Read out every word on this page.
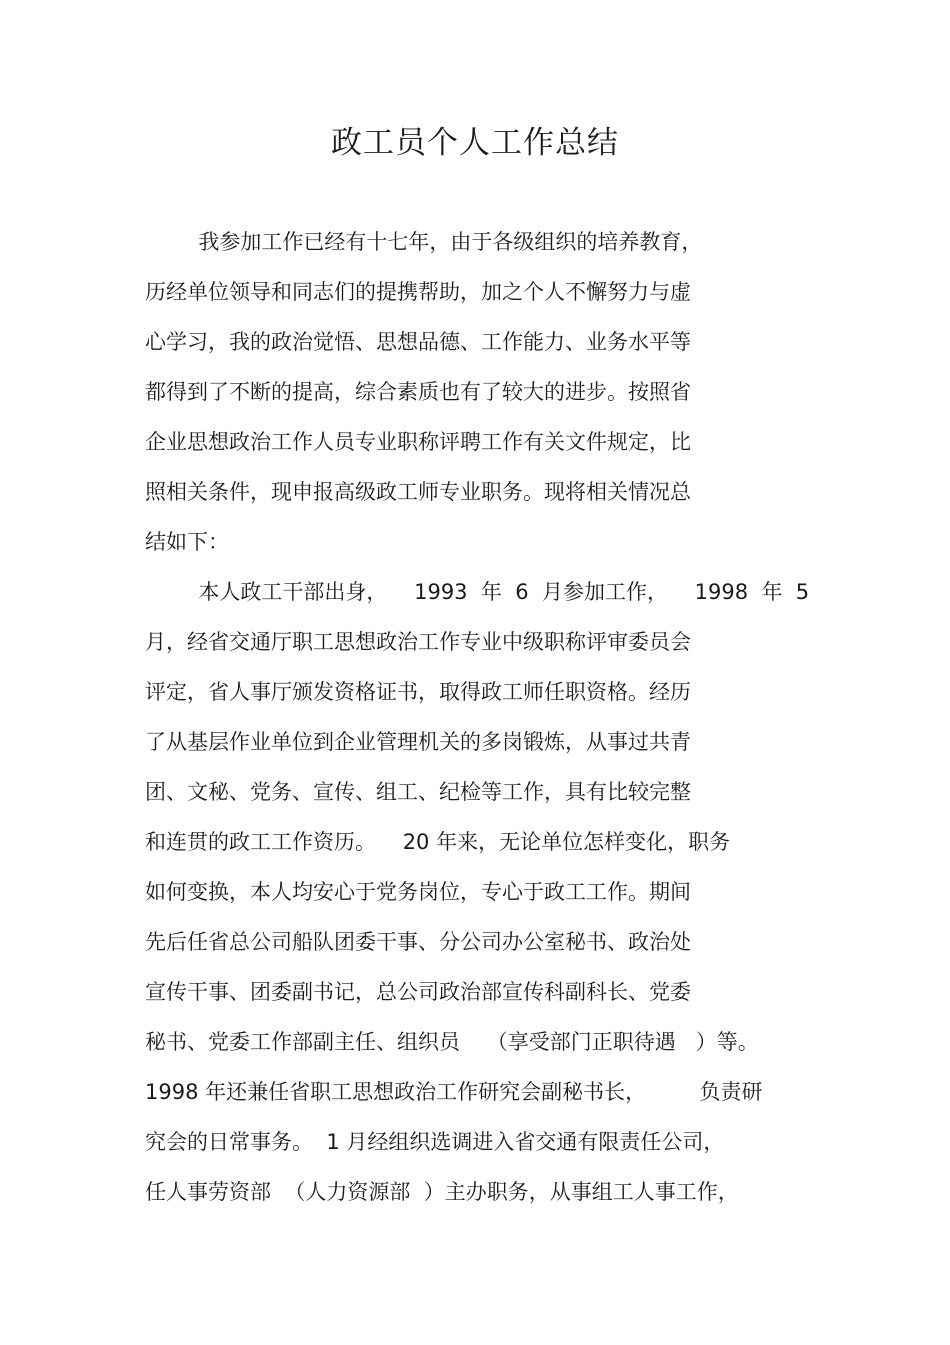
政工员个人工作总结
我参加工作已经有十七年，由于各级组织的培养教育，
历经单位领导和同志们的提携帮助，加之个人不懈努力与虚
心学习，我的政治觉悟、思想品德、工作能力、业务水平等
都得到了不断的提高，综合素质也有了较大的进步。按照省
企业思想政治工作人员专业职称评聘工作有关文件规定，比
照相关条件，现申报高级政工师专业职务。现将相关情况总
结如下：
本人政工干部出身，    1993  年  6  月参加工作，    1998  年  5
月，经省交通厅职工思想政治工作专业中级职称评审委员会
评定，省人事厅颁发资格证书，取得政工师任职资格。经历
了从基层作业单位到企业管理机关的多岗锻炼，从事过共青
团、文秘、党务、宣传、组工、纪检等工作，具有比较完整
和连贯的政工工作资历。    20 年来，无论单位怎样变化，职务
如何变换，本人均安心于党务岗位，专心于政工工作。期间
先后任省总公司船队团委干事、分公司办公室秘书、政治处
宣传干事、团委副书记，总公司政治部宣传科副科长、党委
秘书、党委工作部副主任、组织员    （享受部门正职待遇   ）等。
1998 年还兼任省职工思想政治工作研究会副秘书长，        负责研
究会的日常事务。  1 月经组织选调进入省交通有限责任公司，
任人事劳资部  （人力资源部  ）主办职务，从事组工人事工作，
